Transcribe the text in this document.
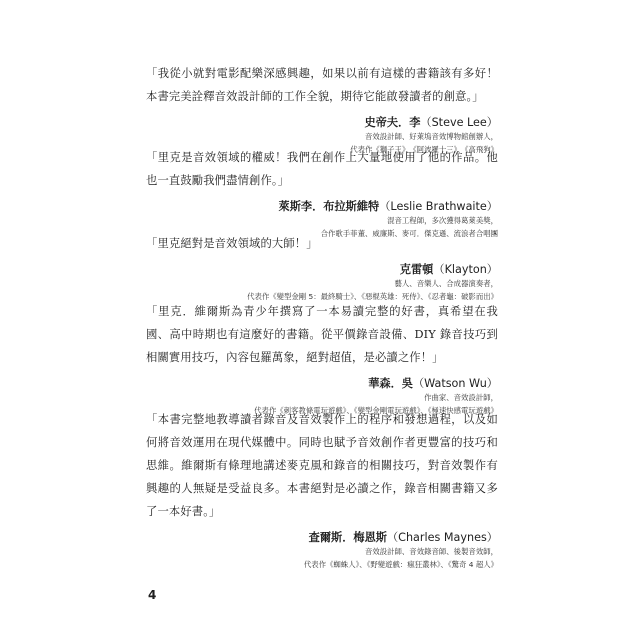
「我從小就對電影配樂深感興趣，如果以前有這樣的書籍該有多好！本書完美詮釋音效設計師的工作全貌，期待它能啟發讀者的創意。」

史帝夫．李（Steve Lee）
音效設計師、好萊塢音效博物館創辦人，
代表作《獅子王》、《阿波羅十三》、《高飛狗》

「里克是音效領域的權威！我們在創作上大量地使用了他的作品。他也一直鼓勵我們盡情創作。」

萊斯李．布拉斯維特（Leslie Brathwaite）
混音工程師，多次獲得葛萊美獎，
合作歌手菲董、威廉斯、麥可．傑克遜、流浪者合唱團

「里克絕對是音效領域的大師！」

克雷頓（Klayton）
藝人、音樂人、合成器演奏者，
代表作《變型金剛 5：最終騎士》、《惡棍英雄：死侍》、《忍者龜：破影而出》

「里克．維爾斯為青少年撰寫了一本易讀完整的好書，真希望在我國、高中時期也有這麼好的書籍。從平價錄音設備、DIY 錄音技巧到相關實用技巧，內容包羅萬象，絕對超值，是必讀之作！」

華森．吳（Watson Wu）
作曲家、音效設計師，
代表作《刺客教條電玩遊戲》、《變型金剛電玩遊戲》、《極速快感電玩遊戲》

「本書完整地教導讀者錄音及音效製作上的程序和發想過程，以及如何將音效運用在現代媒體中。同時也賦予音效創作者更豐富的技巧和思維。維爾斯有條理地講述麥克風和錄音的相關技巧，對音效製作有興趣的人無疑是受益良多。本書絕對是必讀之作，錄音相關書籍又多了一本好書。」

查爾斯．梅恩斯（Charles Maynes）
音效設計師、音效錄音師、後製音效師，
代表作《蜘蛛人》、《野變遊戲：瘋狂叢林》、《驚奇 4 超人》
4
